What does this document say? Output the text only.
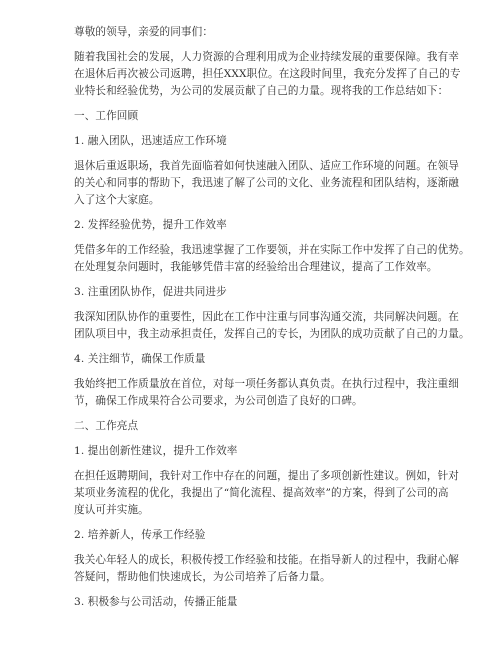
尊敬的领导，亲爱的同事们：
随着我国社会的发展，人力资源的合理利用成为企业持续发展的重要保障。我有幸
在退休后再次被公司返聘，担任XXX职位。在这段时间里，我充分发挥了自己的专
业特长和经验优势，为公司的发展贡献了自己的力量。现将我的工作总结如下：
一、工作回顾
1. 融入团队，迅速适应工作环境
退休后重返职场，我首先面临着如何快速融入团队、适应工作环境的问题。在领导
的关心和同事的帮助下，我迅速了解了公司的文化、业务流程和团队结构，逐渐融
入了这个大家庭。
2. 发挥经验优势，提升工作效率
凭借多年的工作经验，我迅速掌握了工作要领，并在实际工作中发挥了自己的优势。
在处理复杂问题时，我能够凭借丰富的经验给出合理建议，提高了工作效率。
3. 注重团队协作，促进共同进步
我深知团队协作的重要性，因此在工作中注重与同事沟通交流，共同解决问题。在
团队项目中，我主动承担责任，发挥自己的专长，为团队的成功贡献了自己的力量。
4. 关注细节，确保工作质量
我始终把工作质量放在首位，对每一项任务都认真负责。在执行过程中，我注重细
节，确保工作成果符合公司要求，为公司创造了良好的口碑。
二、工作亮点
1. 提出创新性建议，提升工作效率
在担任返聘期间，我针对工作中存在的问题，提出了多项创新性建议。例如，针对
某项业务流程的优化，我提出了“简化流程、提高效率”的方案，得到了公司的高
度认可并实施。
2. 培养新人，传承工作经验
我关心年轻人的成长，积极传授工作经验和技能。在指导新人的过程中，我耐心解
答疑问，帮助他们快速成长，为公司培养了后备力量。
3. 积极参与公司活动，传播正能量
